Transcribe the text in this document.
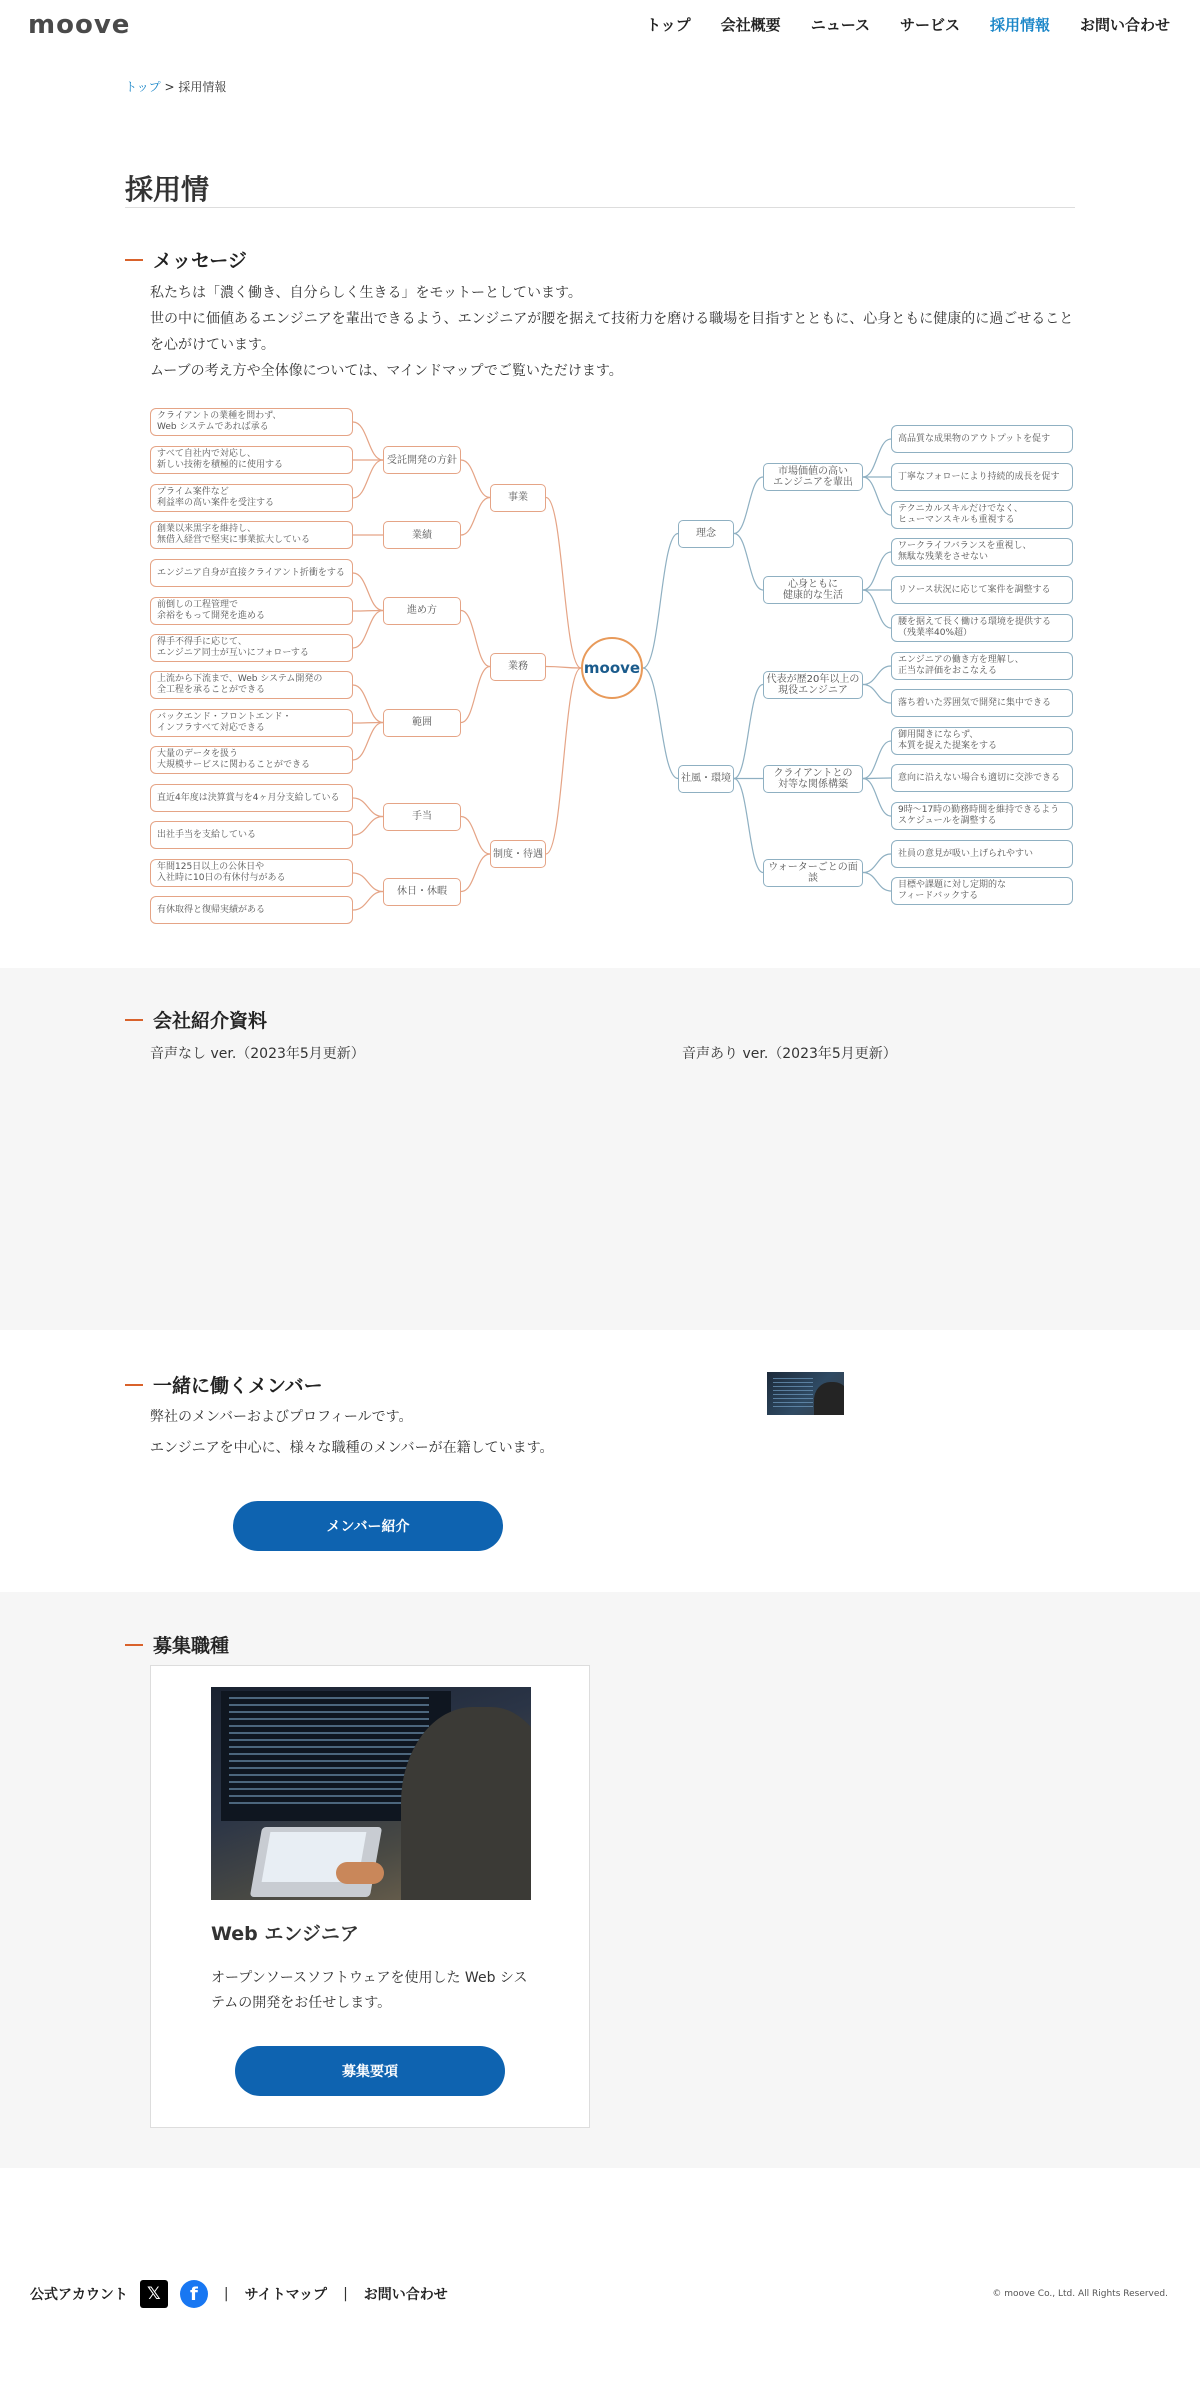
moove	トップ 会社概要 ニュース サービス 採用情報 お問い合わせ
トップ > 採用情報
採用情
メッセージ
私たちは「濃く働き、自分らしく生きる」をモットーとしています。
世の中に価値あるエンジニアを輩出できるよう、エンジニアが腰を据えて技術力を磨ける職場を目指すとともに、心身ともに健康的に過ごせること
を心がけています。
ムーブの考え方や全体像については、マインドマップでご覧いただけます。
moove
クライアントの業種を問わず、
Web システムであれば承る
すべて自社内で対応し、
新しい技術を積極的に使用する
プライム案件など
利益率の高い案件を受注する
創業以来黒字を維持し、
無借入経営で堅実に事業拡大している
エンジニア自身が直接クライアント折衝をする
前倒しの工程管理で
余裕をもって開発を進める
得手不得手に応じて、
エンジニア同士が互いにフォローする
上流から下流まで、Web システム開発の
全工程を承ることができる
バックエンド・フロントエンド・
インフラすべて対応できる
大量のデータを扱う
大規模サービスに関わることができる
直近4年度は決算賞与を4ヶ月分支給している
出社手当を支給している
年間125日以上の公休日や
入社時に10日の有休付与がある
有休取得と復帰実績がある
受託開発の方針
業績
進め方
範囲
手当
休日・休暇
事業
業務
制度・待遇
高品質な成果物のアウトプットを促す
丁寧なフォローにより持続的成長を促す
テクニカルスキルだけでなく、
ヒューマンスキルも重視する
ワークライフバランスを重視し、
無駄な残業をさせない
リソース状況に応じて案件を調整する
腰を据えて長く働ける環境を提供する
（残業率40%超）
エンジニアの働き方を理解し、
正当な評価をおこなえる
落ち着いた雰囲気で開発に集中できる
御用聞きにならず、
本質を捉えた提案をする
意向に沿えない場合も適切に交渉できる
9時〜17時の勤務時間を維持できるよう
スケジュールを調整する
社員の意見が吸い上げられやすい
目標や課題に対し定期的な
フィードバックする
市場価値の高い
エンジニアを輩出
心身ともに
健康的な生活
代表が歴20年以上の
現役エンジニア
クライアントとの
対等な関係構築
ウォーターごとの面談
理念
社風・環境
会社紹介資料
音声なし ver.（2023年5月更新）	音声あり ver.（2023年5月更新）
一緒に働くメンバー
弊社のメンバーおよびプロフィールです。
エンジニアを中心に、様々な職種のメンバーが在籍しています。
メンバー紹介
募集職種
Web エンジニア
オープンソースソフトウェアを使用した Web システムの開発をお任せします。
募集要項
公式アカウント	𝕏	f	| サイトマップ | お問い合わせ	© moove Co., Ltd. All Rights Reserved.
